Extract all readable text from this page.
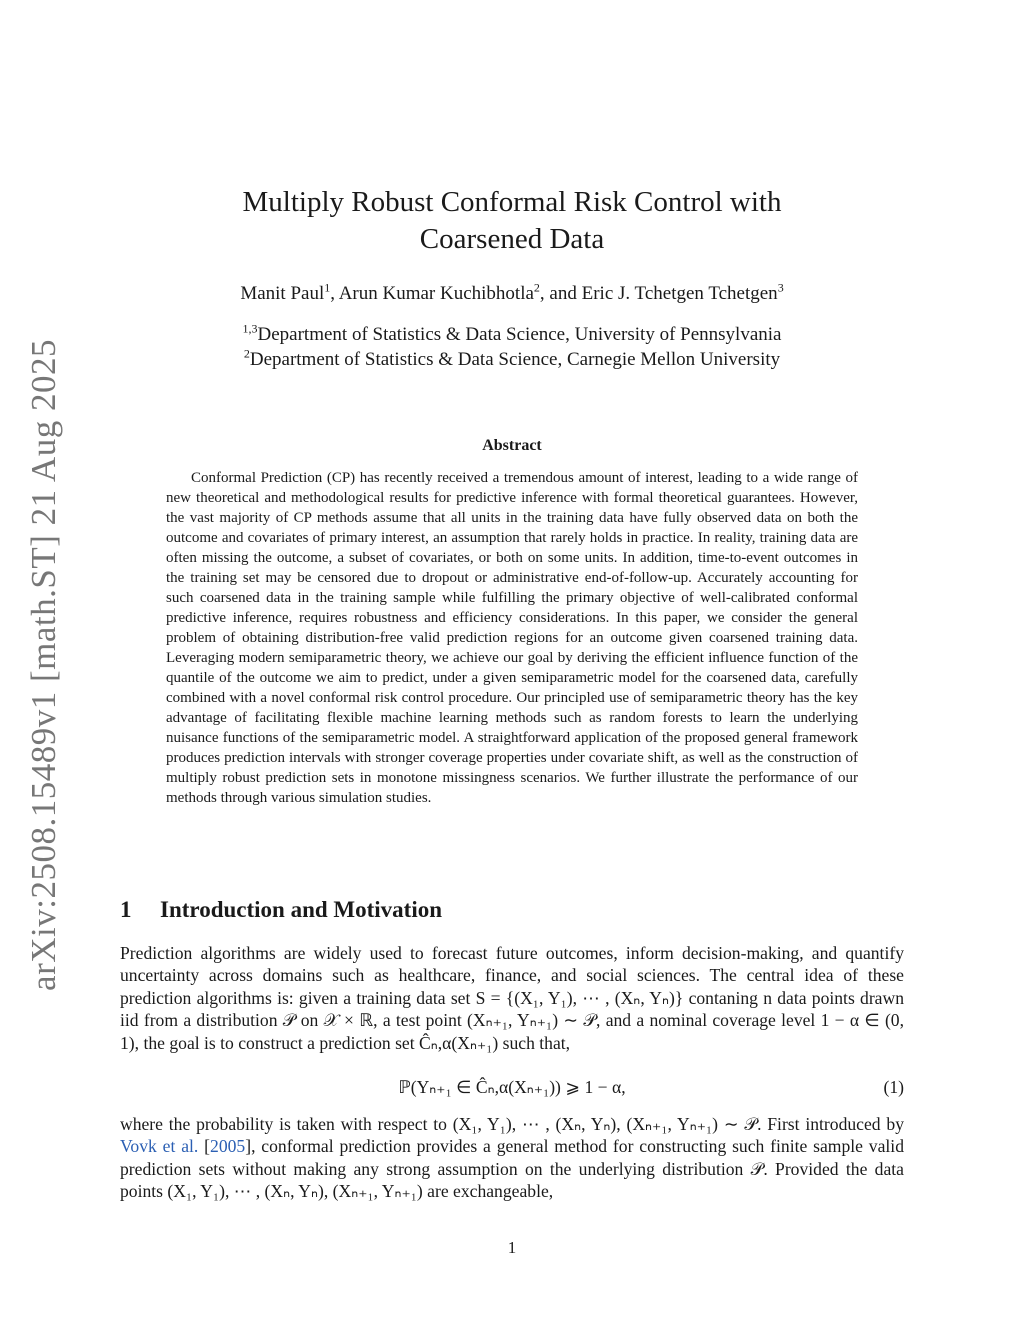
arXiv:2508.15489v1 [math.ST] 21 Aug 2025
Multiply Robust Conformal Risk Control with Coarsened Data
Manit Paul$^1$, Arun Kumar Kuchibhotla$^2$, and Eric J. Tchetgen Tchetgen$^3$
$^{1,3}$Department of Statistics & Data Science, University of Pennsylvania
$^2$Department of Statistics & Data Science, Carnegie Mellon University
Abstract

Conformal Prediction (CP) has recently received a tremendous amount of interest, leading to a wide range of new theoretical and methodological results for predictive inference with formal theoretical guarantees. However, the vast majority of CP methods assume that all units in the training data have fully observed data on both the outcome and covariates of primary interest, an assumption that rarely holds in practice. In reality, training data are often missing the outcome, a subset of covariates, or both on some units. In addition, time-to-event outcomes in the training set may be censored due to dropout or administrative end-of-follow-up. Accurately accounting for such coarsened data in the training sample while fulfilling the primary objective of well-calibrated conformal predictive inference, requires robustness and efficiency considerations. In this paper, we consider the general problem of obtaining distribution-free valid prediction regions for an outcome given coarsened training data. Leveraging modern semiparametric theory, we achieve our goal by deriving the efficient influence function of the quantile of the outcome we aim to predict, under a given semiparametric model for the coarsened data, carefully combined with a novel conformal risk control procedure. Our principled use of semiparametric theory has the key advantage of facilitating flexible machine learning methods such as random forests to learn the underlying nuisance functions of the semiparametric model. A straightforward application of the proposed general framework produces prediction intervals with stronger coverage properties under covariate shift, as well as the construction of multiply robust prediction sets in monotone missingness scenarios. We further illustrate the performance of our methods through various simulation studies.

1 Introduction and Motivation

Prediction algorithms are widely used to forecast future outcomes, inform decision-making, and quantify uncertainty across domains such as healthcare, finance, and social sciences. The central idea of these prediction algorithms is: given a training data set S = {(X₁, Y₁), ⋯ , (Xₙ, Yₙ)} contaning n data points drawn iid from a distribution 𝒫 on 𝒳 × ℝ, a test point (Xₙ₊₁, Yₙ₊₁) ∼ 𝒫, and a nominal coverage level 1 − α ∈ (0, 1), the goal is to construct a prediction set Ĉₙ,α(Xₙ₊₁) such that,

ℙ(Yₙ₊₁ ∈ Ĉₙ,α(Xₙ₊₁)) ⩾ 1 − α,	(1)

where the probability is taken with respect to (X₁, Y₁), ⋯ , (Xₙ, Yₙ), (Xₙ₊₁, Yₙ₊₁) ∼ 𝒫. First introduced by Vovk et al. [2005], conformal prediction provides a general method for constructing such finite sample valid prediction sets without making any strong assumption on the underlying distribution 𝒫. Provided the data points (X₁, Y₁), ⋯ , (Xₙ, Yₙ), (Xₙ₊₁, Yₙ₊₁) are exchangeable,

1
